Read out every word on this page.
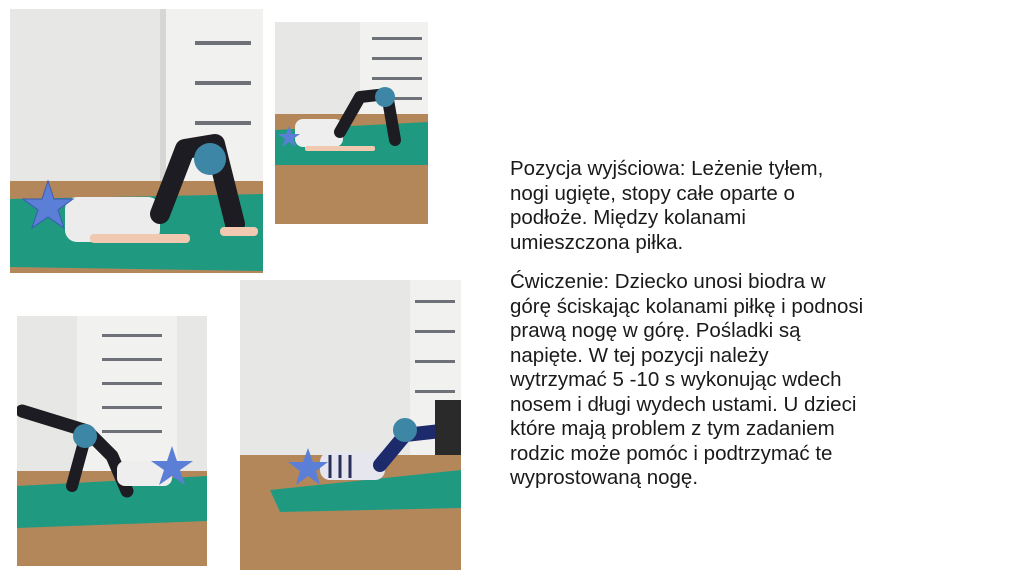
Pozycja wyjściowa: Leżenie tyłem,
nogi ugięte, stopy całe oparte o
podłoże. Między kolanami
umieszczona piłka.

Ćwiczenie: Dziecko unosi biodra w
górę ściskając kolanami piłkę i podnosi
prawą nogę w górę. Pośladki są
napięte. W tej pozycji należy
wytrzymać 5 -10 s wykonując wdech
nosem i długi wydech ustami. U dzieci
które mają problem z tym zadaniem
rodzic może pomóc i podtrzymać te
wyprostowaną nogę.
